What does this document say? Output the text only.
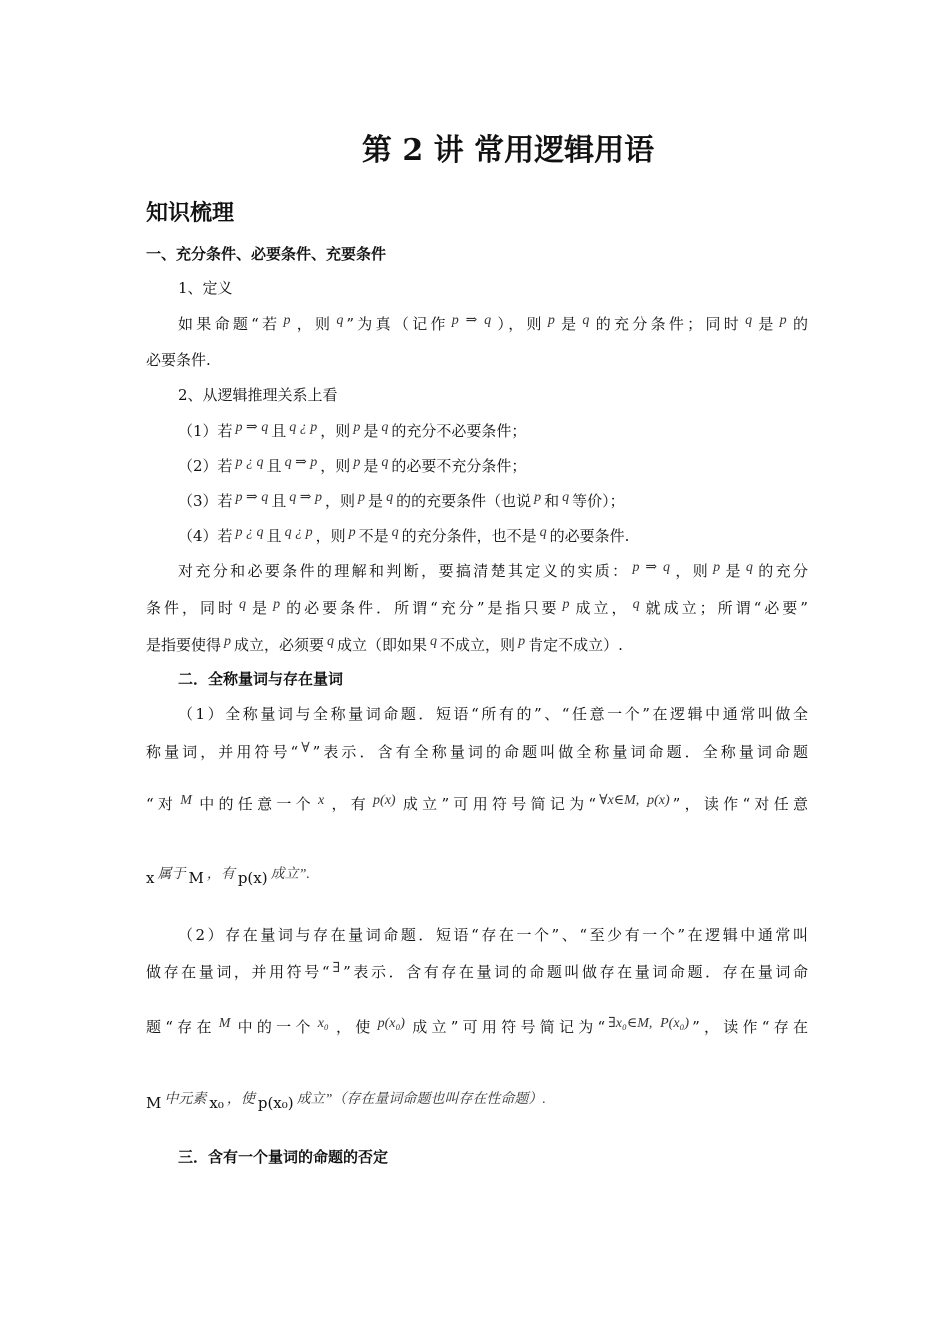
第 2 讲 常用逻辑用语
知识梳理
一、充分条件、必要条件、充要条件
1、定义
如果命题“若 p ，则 q ”为真（记作 p ⇒ q ），则 p 是 q 的充分条件；同时 q 是 p 的
必要条件.
2、从逻辑推理关系上看
（1）若 p ⇒ q 且 q ¿ p ，则 p 是 q 的充分不必要条件；
（2）若 p ¿ q 且 q ⇒ p ，则 p 是 q 的必要不充分条件；
（3）若 p ⇒ q 且 q ⇒ p ，则 p 是 q 的的充要条件（也说 p 和 q 等价）；
（4）若 p ¿ q 且 q ¿ p ，则 p 不是 q 的充分条件，也不是 q 的必要条件.
对充分和必要条件的理解和判断，要搞清楚其定义的实质： p ⇒ q ，则 p 是 q 的充分
条件，同时 q 是 p 的必要条件．所谓“充分”是指只要 p 成立， q 就成立；所谓“必要”
是指要使得 p 成立，必须要 q 成立（即如果 q 不成立，则 p 肯定不成立）.
二．全称量词与存在量词
（1）全称量词与全称量词命题．短语“所有的”、“任意一个”在逻辑中通常叫做全
称量词，并用符号“ ∀ ”表示．含有全称量词的命题叫做全称量词命题．全称量词命题
“对 M 中的任意一个 x ，有 p(x) 成立”可用符号简记为“ ∀x∈M, p(x) ”，读作“对任意
x 属于 M ，有 p(x) 成立”.
（2）存在量词与存在量词命题．短语“存在一个”、“至少有一个”在逻辑中通常叫
做存在量词，并用符号“ ∃ ”表示．含有存在量词的命题叫做存在量词命题．存在量词命
题“存在 M 中的一个 x₀ ，使 p(x₀) 成立”可用符号简记为“ ∃x₀∈M, P(x₀) ”，读作“存在
M 中元素 x₀ ，使 p(x₀) 成立”（存在量词命题也叫存在性命题）.
三．含有一个量词的命题的否定
